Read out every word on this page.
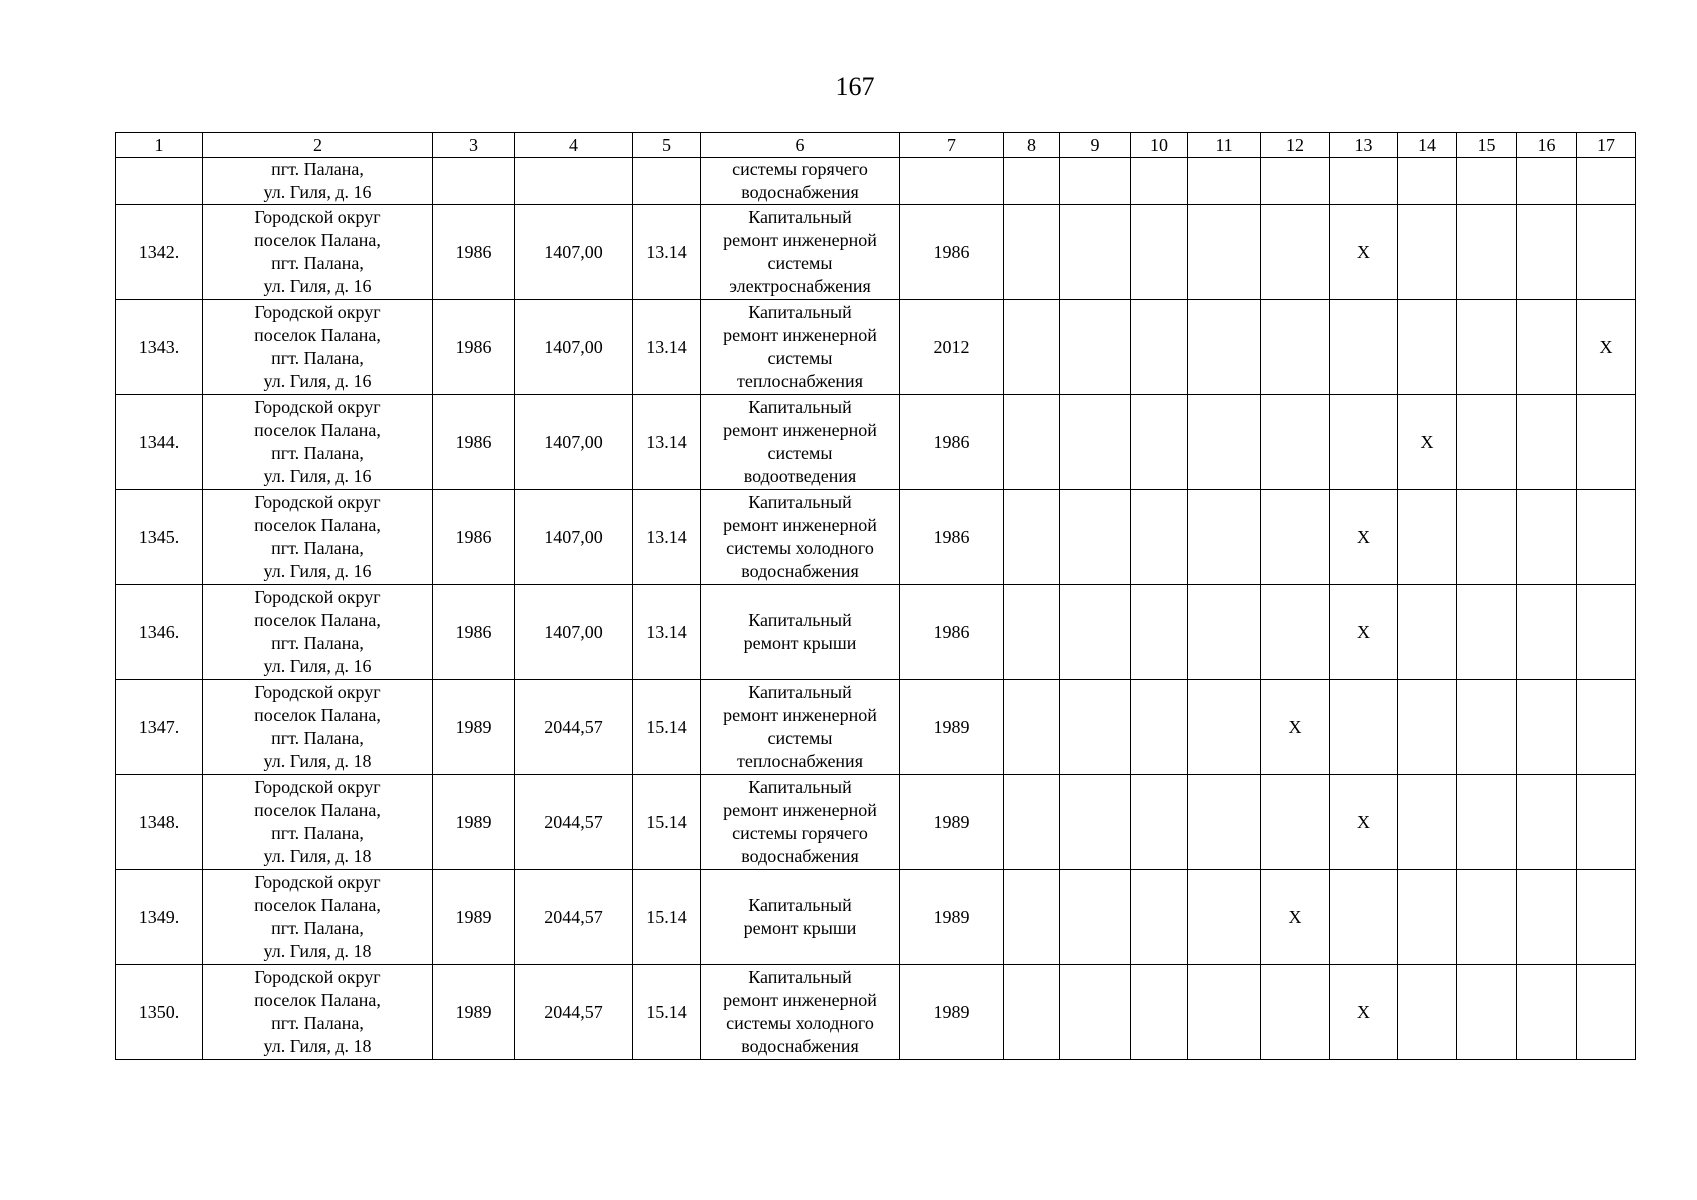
167
1	2	3	4	5	6	7	8	9	10	11	12	13	14	15	16	17
	пгт. Палана,
ул. Гиля, д. 16				системы горячего
водоснабжения											
1342.	Городской округ
поселок Палана,
пгт. Палана,
ул. Гиля, д. 16	1986	1407,00	13.14	Капитальный
ремонт инженерной
системы
электроснабжения	1986						X				
1343.	Городской округ
поселок Палана,
пгт. Палана,
ул. Гиля, д. 16	1986	1407,00	13.14	Капитальный
ремонт инженерной
системы
теплоснабжения	2012										X
1344.	Городской округ
поселок Палана,
пгт. Палана,
ул. Гиля, д. 16	1986	1407,00	13.14	Капитальный
ремонт инженерной
системы
водоотведения	1986							X			
1345.	Городской округ
поселок Палана,
пгт. Палана,
ул. Гиля, д. 16	1986	1407,00	13.14	Капитальный
ремонт инженерной
системы холодного
водоснабжения	1986						X				
1346.	Городской округ
поселок Палана,
пгт. Палана,
ул. Гиля, д. 16	1986	1407,00	13.14	Капитальный
ремонт крыши	1986						X				
1347.	Городской округ
поселок Палана,
пгт. Палана,
ул. Гиля, д. 18	1989	2044,57	15.14	Капитальный
ремонт инженерной
системы
теплоснабжения	1989					X					
1348.	Городской округ
поселок Палана,
пгт. Палана,
ул. Гиля, д. 18	1989	2044,57	15.14	Капитальный
ремонт инженерной
системы горячего
водоснабжения	1989						X				
1349.	Городской округ
поселок Палана,
пгт. Палана,
ул. Гиля, д. 18	1989	2044,57	15.14	Капитальный
ремонт крыши	1989					X					
1350.	Городской округ
поселок Палана,
пгт. Палана,
ул. Гиля, д. 18	1989	2044,57	15.14	Капитальный
ремонт инженерной
системы холодного
водоснабжения	1989						X				
